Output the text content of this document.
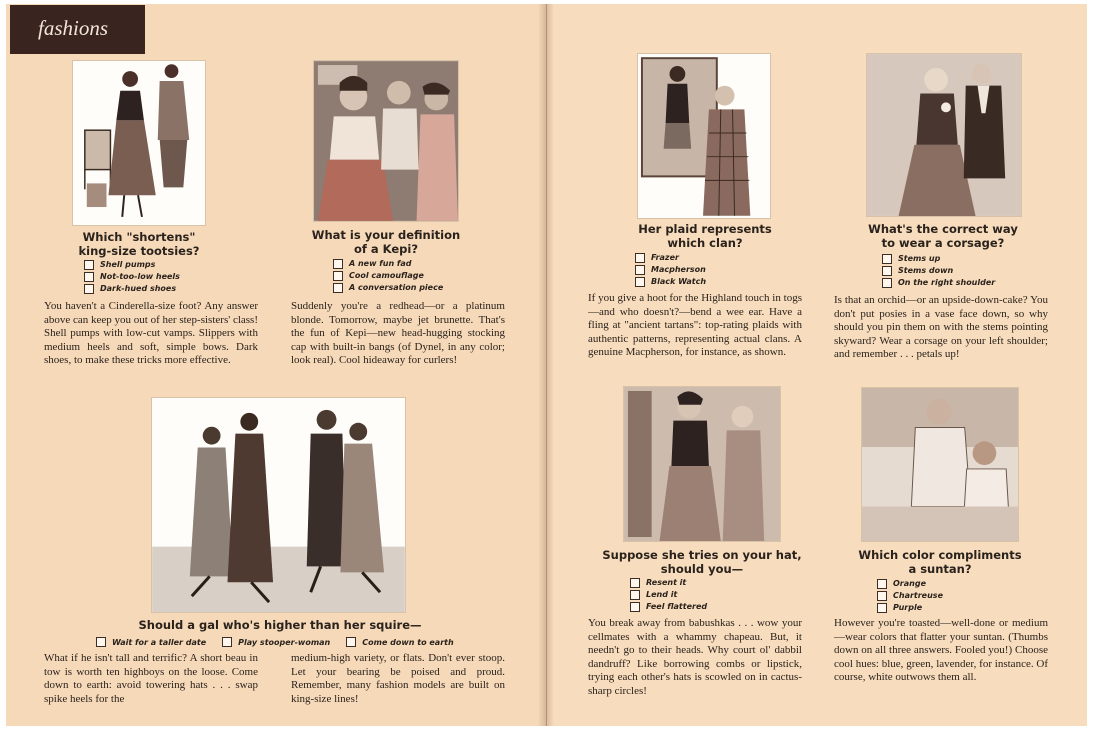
fashions
Which "shortens"
king-size tootsies?
Shell pumps
Not-too-low heels
Dark-hued shoes

You haven't a Cinderella-size foot? Any answer above can keep you out of her step-sisters' class! Shell pumps with low-cut vamps. Slippers with medium heels and soft, simple bows. Dark shoes, to make these tricks more effective.

What is your definition
of a Kepi?
A new fun fad
Cool camouflage
A conversation piece

Suddenly you're a redhead—or a platinum blonde. Tomorrow, maybe jet brunette. That's the fun of Kepi—new head-hugging stocking cap with built-in bangs (of Dynel, in any color; look real). Cool hideaway for curlers!

Should a gal who's higher than her squire—
Wait for a taller date	Play stooper-woman	Come down to earth

What if he isn't tall and terrific? A short beau in tow is worth ten highboys on the loose. Come down to earth: avoid towering hats . . . swap spike heels for the

medium-high variety, or flats. Don't ever stoop. Let your bearing be poised and proud. Remember, many fashion models are built on king-size lines!

Her plaid represents
which clan?
Frazer
Macpherson
Black Watch

If you give a hoot for the Highland touch in togs—and who doesn't?—bend a wee ear. Have a fling at "ancient tartans": top-rating plaids with authentic patterns, representing actual clans. A genuine Macpherson, for instance, as shown.

What's the correct way
to wear a corsage?
Stems up
Stems down
On the right shoulder

Is that an orchid—or an upside-down-cake? You don't put posies in a vase face down, so why should you pin them on with the stems pointing skyward? Wear a corsage on your left shoulder; and remember . . . petals up!

Suppose she tries on your hat,
should you—
Resent it
Lend it
Feel flattered

You break away from babushkas . . . wow your cellmates with a whammy chapeau. But, it needn't go to their heads. Why court ol' dabbil dandruff? Like borrowing combs or lipstick, trying each other's hats is scowled on in cactus-sharp circles!

Which color compliments
a suntan?
Orange
Chartreuse
Purple

However you're toasted—well-done or medium—wear colors that flatter your suntan. (Thumbs down on all three answers. Fooled you!) Choose cool hues: blue, green, lavender, for instance. Of course, white outwows them all.
